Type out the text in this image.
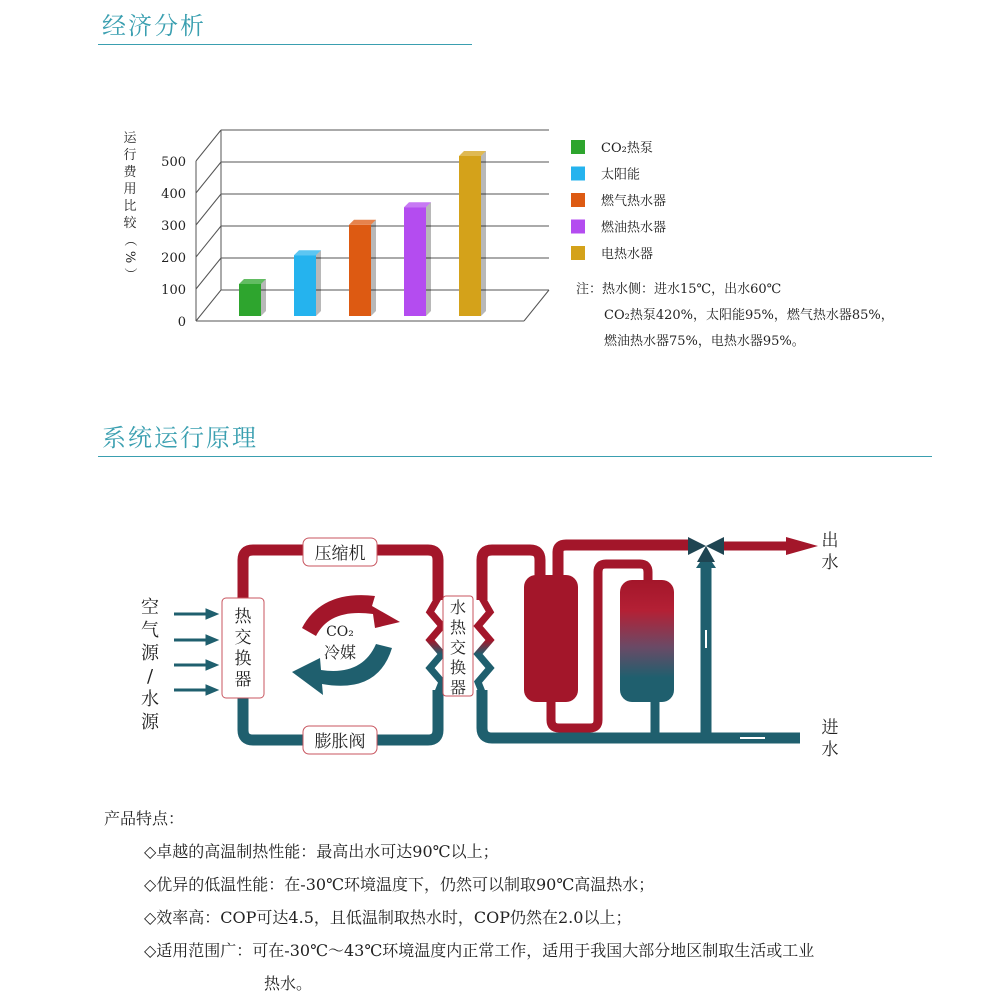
经济分析
0
100
200
300
400
500
CO₂热泵
太阳能
燃气热水器
燃油热水器
电热水器
运
行
费
用
比
较
（
%
）
注：热水侧：进水15℃，出水60℃
CO₂热泵420%，太阳能95%，燃气热水器85%，
燃油热水器75%，电热水器95%。
系统运行原理
压缩机
膨胀阀
CO₂
冷媒
热
交
换
器
水
热
交
换
器
空
气
源
/
水
源
出
水
进
水
产品特点：
◇卓越的高温制热性能：最高出水可达90℃以上；
◇优异的低温性能：在-30℃环境温度下，仍然可以制取90℃高温热水；
◇效率高：COP可达4.5，且低温制取热水时，COP仍然在2.0以上；
◇适用范围广：可在-30℃～43℃环境温度内正常工作，适用于我国大部分地区制取生活或工业
热水。
